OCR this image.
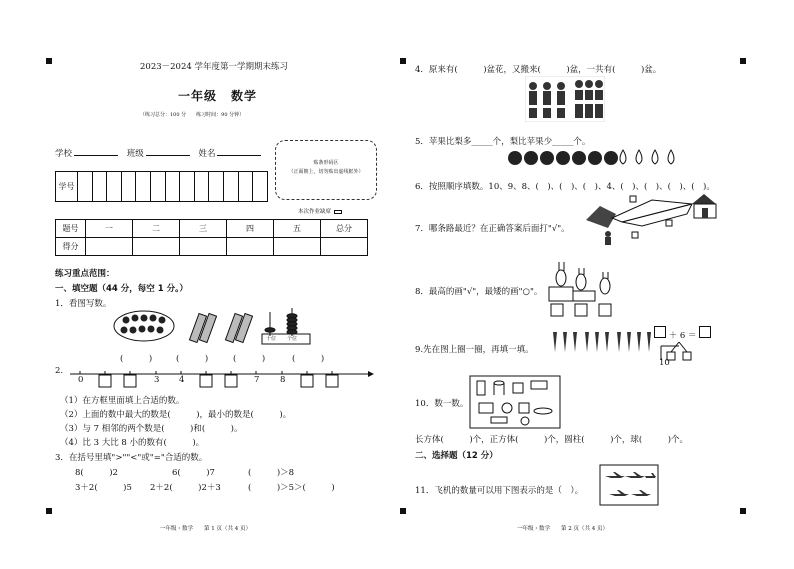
2023－2024 学年度第一学期期末练习
一年级 数学
（练习总分：100 分　　练习时间：90 分钟）
学校	班级	姓名
学号													
贴条形码区
（正面朝上，切勿贴出虚线框外）
本次作业缺席
题号	一	二	三	四	五	总分
得分						
练习重点范围：
一、填空题（44 分，每空 1 分。）
1．看图写数。
十位 个位
(　　　)	(　　　)	(　　　)	(　　　)
2.
0	3 4	7 8
（1）在方框里面填上合适的数。
（2）上面的数中最大的数是(　　　)，最小的数是(　　　)。
（3）与 7 相邻的两个数是(　　　)和(　　　)。
（4）比 3 大比 8 小的数有(　　　)。
3．在括号里填">""<"或"="合适的数。
8(　　　)2	6(　　　)7	(　　　)＞8
3＋2(　　　)5 2＋2(　　　)2＋3	(　　　)＞5＞(　　　)
一年级・数学　　第 1 页（共 4 页）
4．原来有(　　　)盆花，又搬来(　　　)盆，一共有(　　　)盆。
5．苹果比梨多_____个，梨比苹果少_____个。
6．按照顺序填数。10、9、8、(　)、(　)、(　)、4、(　)、(　)、(　)、(　)。
7．哪条路最近？在正确答案后面打"√"。
8．最高的画"√"，最矮的画"○"。
9.先在图上圈一圈，再填一填。
＋ 6 ＝
10
10．数一数。
长方体(　　　)个，正方体(　　　)个，圆柱(　　　)个，球(　　　)个。
二、选择题（12 分）
11．飞机的数量可以用下图表示的是（　）。
一年级・数学　　第 2 页（共 4 页）
